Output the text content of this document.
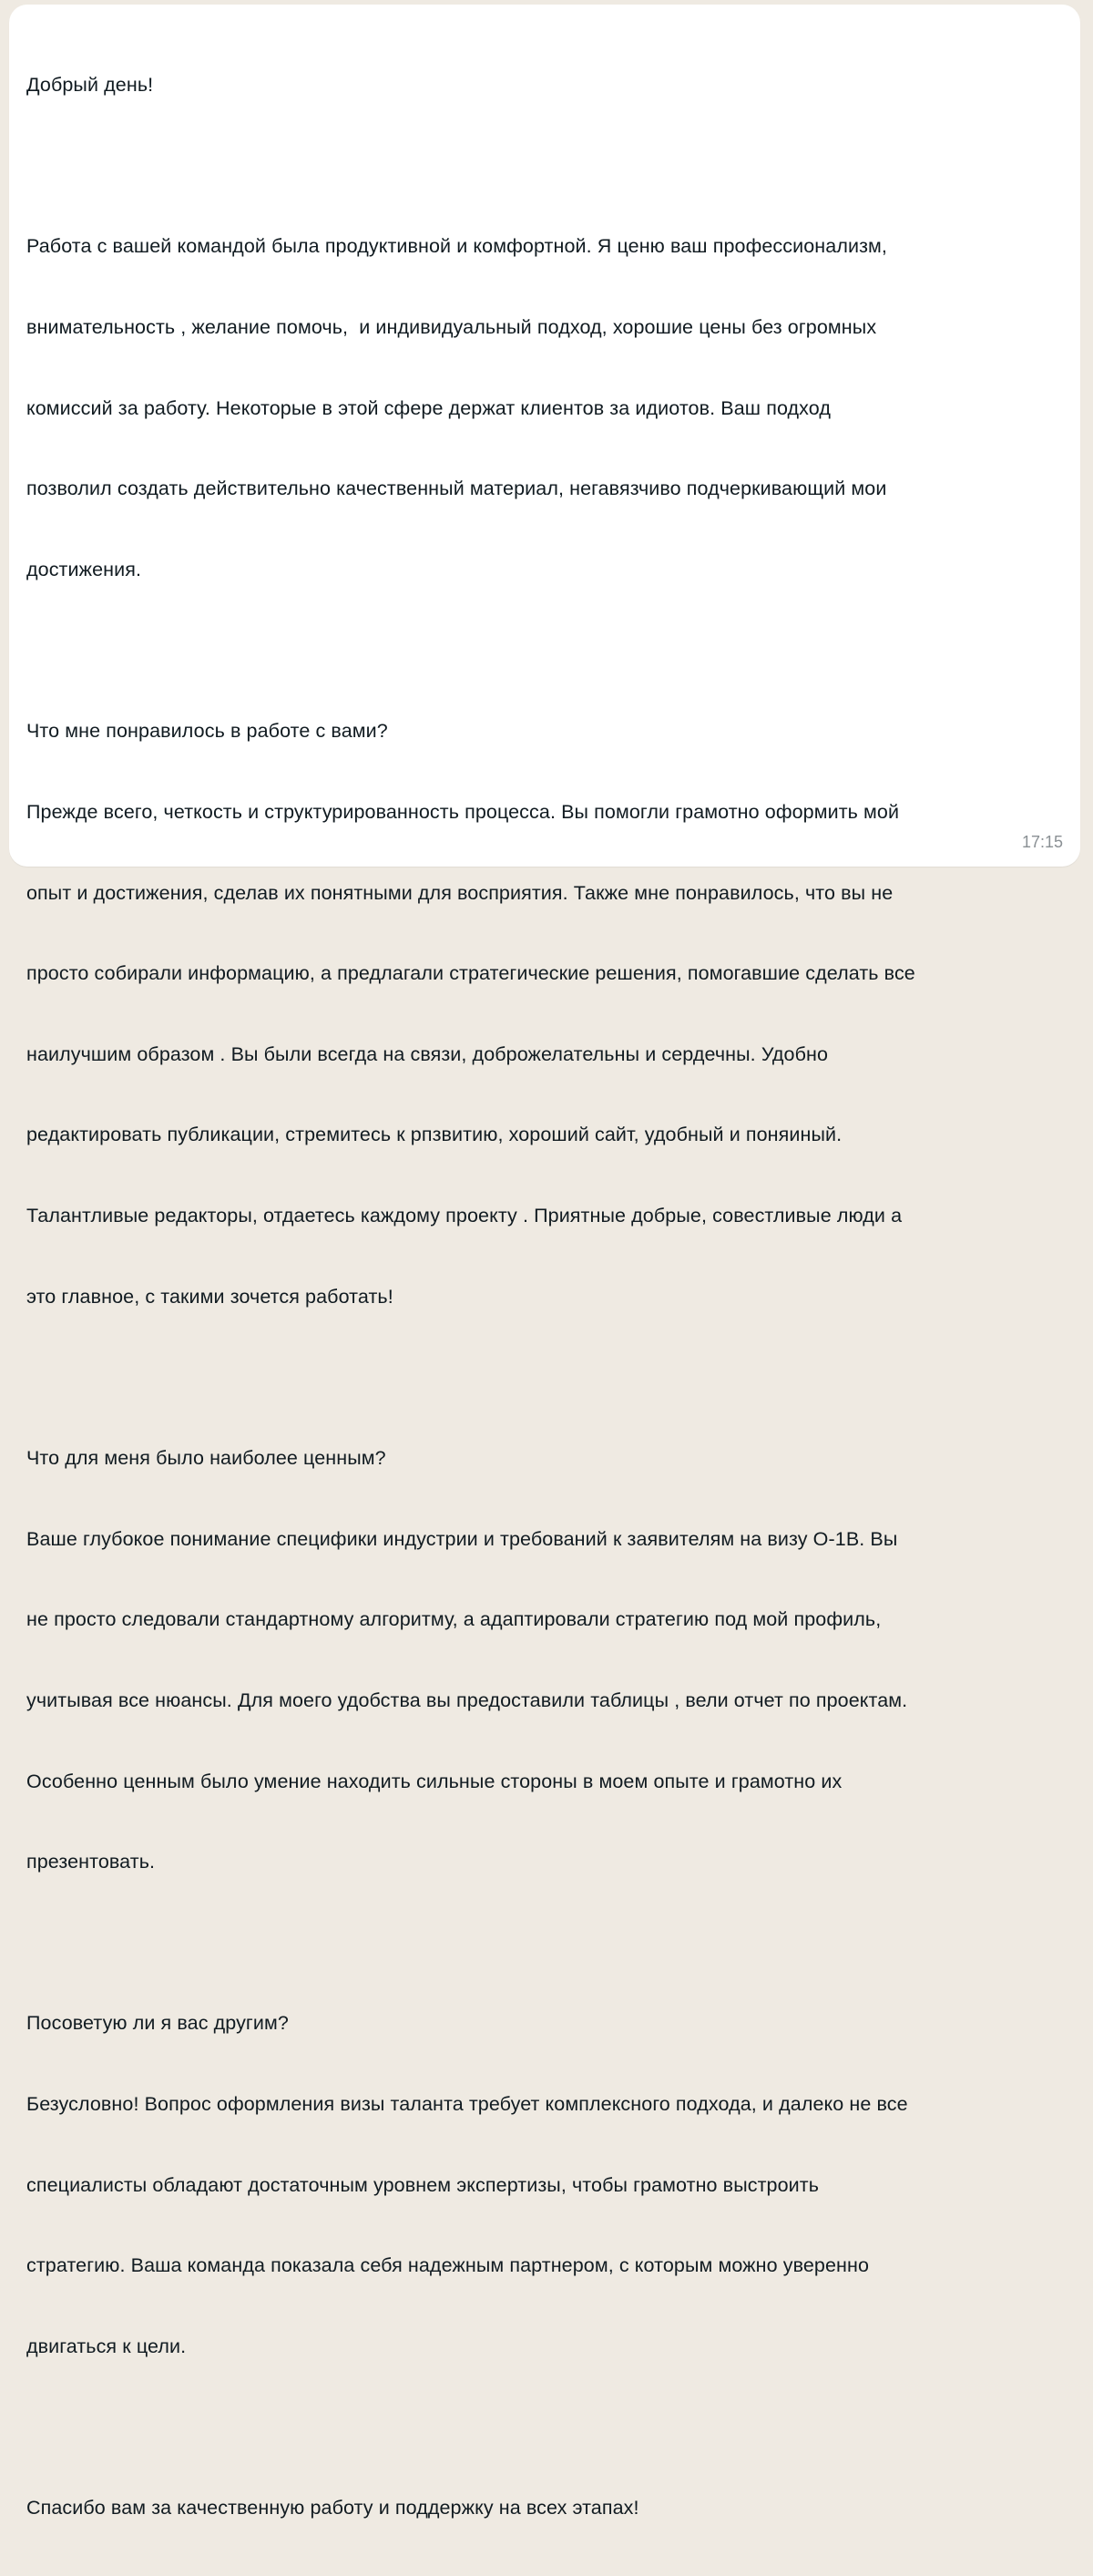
Добрый день!

Работа с вашей командой была продуктивной и комфортной. Я ценю ваш профессионализм,

внимательность , желание помочь,  и индивидуальный подход, хорошие цены без огромных

комиссий за работу. Некоторые в этой сфере держат клиентов за идиотов. Ваш подход

позволил создать действительно качественный материал, негавязчиво подчеркивающий мои

достижения.

Что мне понравилось в работе с вами?

Прежде всего, четкость и структурированность процесса. Вы помогли грамотно оформить мой

опыт и достижения, сделав их понятными для восприятия. Также мне понравилось, что вы не

просто собирали информацию, а предлагали стратегические решения, помогавшие сделать все

наилучшим образом . Вы были всегда на связи, доброжелательны и сердечны. Удобно

редактировать публикации, стремитесь к рпзвитию, хороший сайт, удобный и поняиный.

Талантливые редакторы, отдаетесь каждому проекту . Приятные добрые, совестливые люди а

это главное, с такими зочется работать!

Что для меня было наиболее ценным?

Ваше глубокое понимание специфики индустрии и требований к заявителям на визу O-1B. Вы

не просто следовали стандартному алгоритму, а адаптировали стратегию под мой профиль,

учитывая все нюансы. Для моего удобства вы предоставили таблицы , вели отчет по проектам.

Особенно ценным было умение находить сильные стороны в моем опыте и грамотно их

презентовать.

Посоветую ли я вас другим?

Безусловно! Вопрос оформления визы таланта требует комплексного подхода, и далеко не все

специалисты обладают достаточным уровнем экспертизы, чтобы грамотно выстроить

стратегию. Ваша команда показала себя надежным партнером, с которым можно уверенно

двигаться к цели.

Спасибо вам за качественную работу и поддержку на всех этапах!

17:15
